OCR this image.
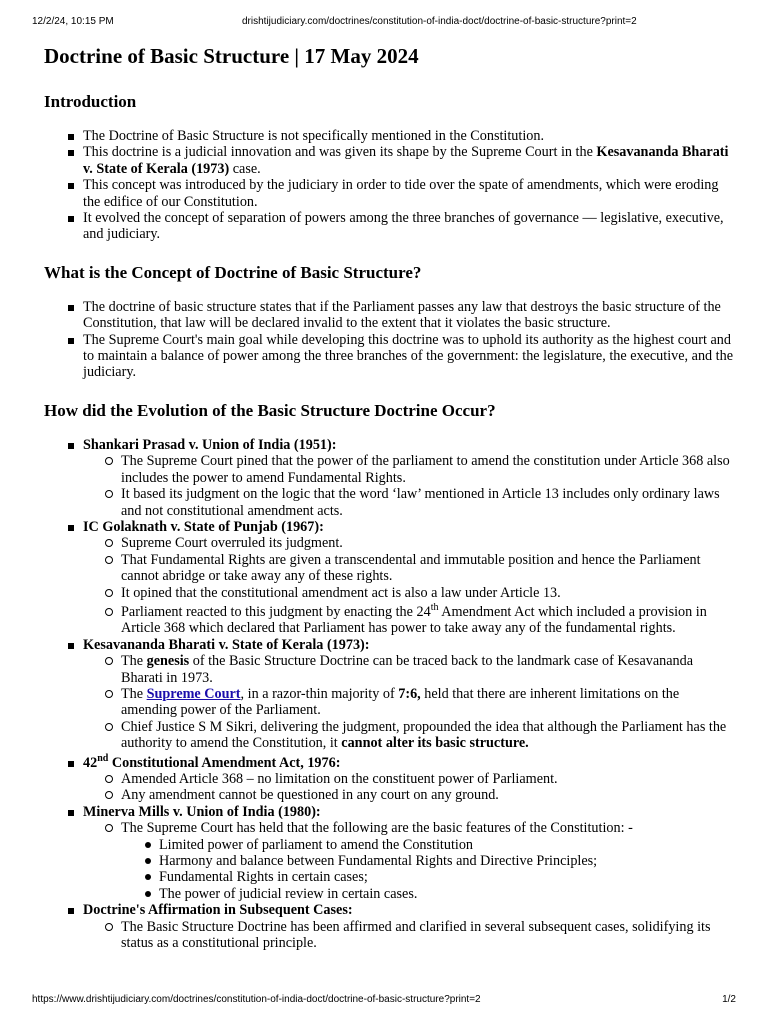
12/2/24, 10:15 PM	drishtijudiciary.com/doctrines/constitution-of-india-doct/doctrine-of-basic-structure?print=2
Doctrine of Basic Structure | 17 May 2024
Introduction
The Doctrine of Basic Structure is not specifically mentioned in the Constitution.
This doctrine is a judicial innovation and was given its shape by the Supreme Court in the Kesavananda Bharati v. State of Kerala (1973) case.
This concept was introduced by the judiciary in order to tide over the spate of amendments, which were eroding the edifice of our Constitution.
It evolved the concept of separation of powers among the three branches of governance — legislative, executive, and judiciary.
What is the Concept of Doctrine of Basic Structure?
The doctrine of basic structure states that if the Parliament passes any law that destroys the basic structure of the Constitution, that law will be declared invalid to the extent that it violates the basic structure.
The Supreme Court's main goal while developing this doctrine was to uphold its authority as the highest court and to maintain a balance of power among the three branches of the government: the legislature, the executive, and the judiciary.
How did the Evolution of the Basic Structure Doctrine Occur?
Shankari Prasad v. Union of India (1951):
The Supreme Court pined that the power of the parliament to amend the constitution under Article 368 also includes the power to amend Fundamental Rights.
It based its judgment on the logic that the word ‘law’ mentioned in Article 13 includes only ordinary laws and not constitutional amendment acts.
IC Golaknath v. State of Punjab (1967):
Supreme Court overruled its judgment.
That Fundamental Rights are given a transcendental and immutable position and hence the Parliament cannot abridge or take away any of these rights.
It opined that the constitutional amendment act is also a law under Article 13.
Parliament reacted to this judgment by enacting the 24th Amendment Act which included a provision in Article 368 which declared that Parliament has power to take away any of the fundamental rights.
Kesavananda Bharati v. State of Kerala (1973):
The genesis of the Basic Structure Doctrine can be traced back to the landmark case of Kesavananda Bharati in 1973.
The Supreme Court, in a razor-thin majority of 7:6, held that there are inherent limitations on the amending power of the Parliament.
Chief Justice S M Sikri, delivering the judgment, propounded the idea that although the Parliament has the authority to amend the Constitution, it cannot alter its basic structure.
42nd Constitutional Amendment Act, 1976:
Amended Article 368 – no limitation on the constituent power of Parliament.
Any amendment cannot be questioned in any court on any ground.
Minerva Mills v. Union of India (1980):
The Supreme Court has held that the following are the basic features of the Constitution: -
Limited power of parliament to amend the Constitution
Harmony and balance between Fundamental Rights and Directive Principles;
Fundamental Rights in certain cases;
The power of judicial review in certain cases.
Doctrine's Affirmation in Subsequent Cases:
The Basic Structure Doctrine has been affirmed and clarified in several subsequent cases, solidifying its status as a constitutional principle.
https://www.drishtijudiciary.com/doctrines/constitution-of-india-doct/doctrine-of-basic-structure?print=2	1/2
